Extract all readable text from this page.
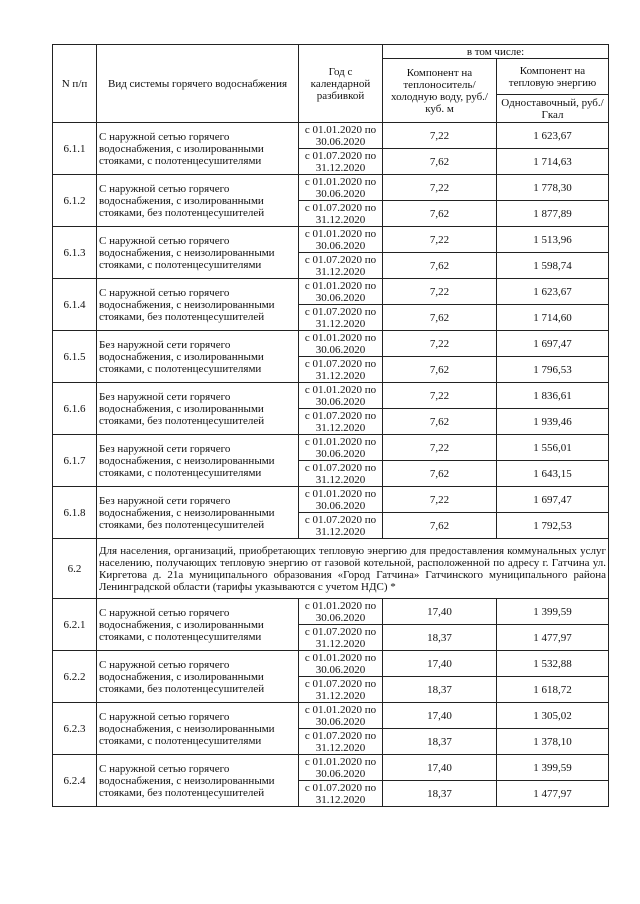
N п/п	Вид системы горячего водоснабжения	Год с календарной разбивкой	в том числе:	
			Компонент на теплоноситель/ холодную воду, руб./куб. м	Компонент на тепловую энергию
				Одноставочный, руб./Гкал
6.1.1	С наружной сетью горячего водоснабжения, с изолированными стояками, с полотенцесушителями	с 01.01.2020 по 30.06.2020	7,22	1 623,67
		с 01.07.2020 по 31.12.2020	7,62	1 714,63
6.1.2	С наружной сетью горячего водоснабжения, с изолированными стояками, без полотенцесушителей	с 01.01.2020 по 30.06.2020	7,22	1 778,30
		с 01.07.2020 по 31.12.2020	7,62	1 877,89
6.1.3	С наружной сетью горячего водоснабжения, с неизолированными стояками, с полотенцесушителями	с 01.01.2020 по 30.06.2020	7,22	1 513,96
		с 01.07.2020 по 31.12.2020	7,62	1 598,74
6.1.4	С наружной сетью горячего водоснабжения, с неизолированными стояками, без полотенцесушителей	с 01.01.2020 по 30.06.2020	7,22	1 623,67
		с 01.07.2020 по 31.12.2020	7,62	1 714,60
6.1.5	Без наружной сети горячего водоснабжения, с изолированными стояками, с полотенцесушителями	с 01.01.2020 по 30.06.2020	7,22	1 697,47
		с 01.07.2020 по 31.12.2020	7,62	1 796,53
6.1.6	Без наружной сети горячего водоснабжения, с изолированными стояками, без полотенцесушителей	с 01.01.2020 по 30.06.2020	7,22	1 836,61
		с 01.07.2020 по 31.12.2020	7,62	1 939,46
6.1.7	Без наружной сети горячего водоснабжения, с неизолированными стояками, с полотенцесушителями	с 01.01.2020 по 30.06.2020	7,22	1 556,01
		с 01.07.2020 по 31.12.2020	7,62	1 643,15
6.1.8	Без наружной сети горячего водоснабжения, с неизолированными стояками, без полотенцесушителей	с 01.01.2020 по 30.06.2020	7,22	1 697,47
		с 01.07.2020 по 31.12.2020	7,62	1 792,53
6.2	Для населения, организаций, приобретающих тепловую энергию для предоставления коммунальных услуг населению, получающих тепловую энергию от газовой котельной, расположенной по адресу г. Гатчина ул. Киргетова д. 21а муниципального образования «Город Гатчина» Гатчинского муниципального района Ленинградской области (тарифы указываются с учетом НДС) *			
6.2.1	С наружной сетью горячего водоснабжения, с изолированными стояками, с полотенцесушителями	с 01.01.2020 по 30.06.2020	17,40	1 399,59
		с 01.07.2020 по 31.12.2020	18,37	1 477,97
6.2.2	С наружной сетью горячего водоснабжения, с изолированными стояками, без полотенцесушителей	с 01.01.2020 по 30.06.2020	17,40	1 532,88
		с 01.07.2020 по 31.12.2020	18,37	1 618,72
6.2.3	С наружной сетью горячего водоснабжения, с неизолированными стояками, с полотенцесушителями	с 01.01.2020 по 30.06.2020	17,40	1 305,02
		с 01.07.2020 по 31.12.2020	18,37	1 378,10
6.2.4	С наружной сетью горячего водоснабжения, с неизолированными стояками, без полотенцесушителей	с 01.01.2020 по 30.06.2020	17,40	1 399,59
		с 01.07.2020 по 31.12.2020	18,37	1 477,97
